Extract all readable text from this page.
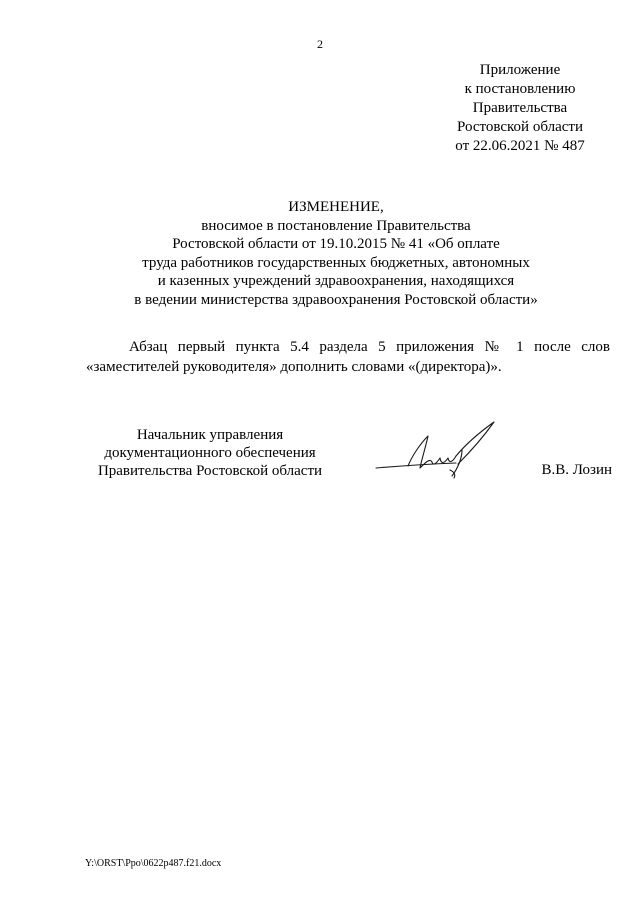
2
Приложение
к постановлению
Правительства
Ростовской области
от 22.06.2021 № 487
ИЗМЕНЕНИЕ,
вносимое в постановление Правительства
Ростовской области от 19.10.2015 № 41 «Об оплате
труда работников государственных бюджетных, автономных
и казенных учреждений здравоохранения, находящихся
в ведении министерства здравоохранения Ростовской области»
Абзац первый пункта 5.4 раздела 5 приложения № 1 после слов
«заместителей руководителя» дополнить словами «(директора)».
Начальник управления
документационного обеспечения
Правительства Ростовской области	В.В. Лозин
Y:\ORST\Ppo\0622p487.f21.docx
